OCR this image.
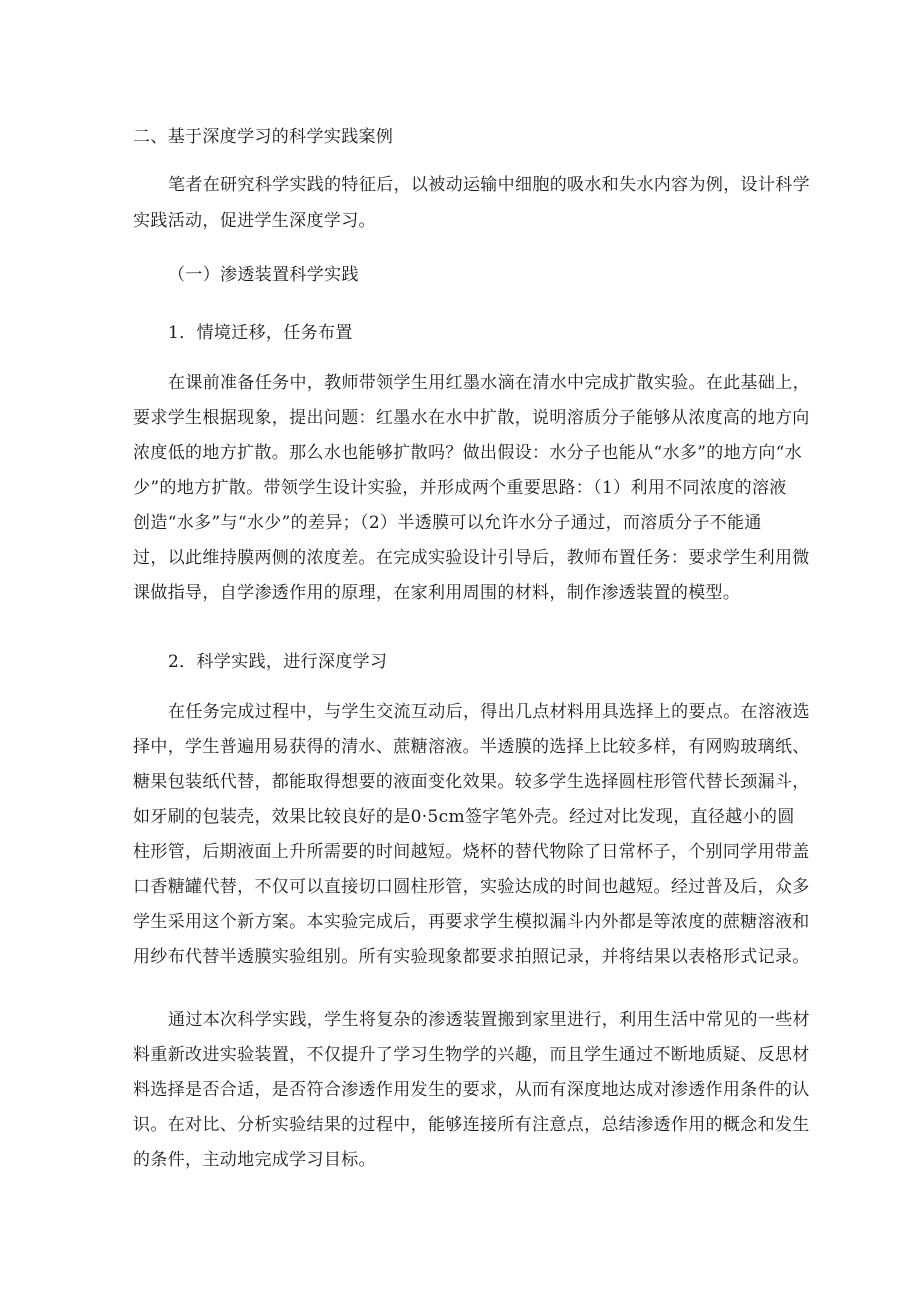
二、基于深度学习的科学实践案例
笔者在研究科学实践的特征后，以被动运输中细胞的吸水和失水内容为例，设计科学
实践活动，促进学生深度学习。
（一）渗透装置科学实践
1．情境迁移，任务布置
在课前准备任务中，教师带领学生用红墨水滴在清水中完成扩散实验。在此基础上，
要求学生根据现象，提出问题：红墨水在水中扩散，说明溶质分子能够从浓度高的地方向
浓度低的地方扩散。那么水也能够扩散吗？做出假设：水分子也能从“水多”的地方向“水
少”的地方扩散。带领学生设计实验，并形成两个重要思路：（1）利用不同浓度的溶液
创造“水多”与“水少”的差异；（2）半透膜可以允许水分子通过，而溶质分子不能通
过，以此维持膜两侧的浓度差。在完成实验设计引导后，教师布置任务：要求学生利用微
课做指导，自学渗透作用的原理，在家利用周围的材料，制作渗透装置的模型。
2．科学实践，进行深度学习
在任务完成过程中，与学生交流互动后，得出几点材料用具选择上的要点。在溶液选
择中，学生普遍用易获得的清水、蔗糖溶液。半透膜的选择上比较多样，有网购玻璃纸、
糖果包装纸代替，都能取得想要的液面变化效果。较多学生选择圆柱形管代替长颈漏斗，
如牙刷的包装壳，效果比较良好的是0·5cm签字笔外壳。经过对比发现，直径越小的圆
柱形管，后期液面上升所需要的时间越短。烧杯的替代物除了日常杯子，个别同学用带盖
口香糖罐代替，不仅可以直接切口圆柱形管，实验达成的时间也越短。经过普及后，众多
学生采用这个新方案。本实验完成后，再要求学生模拟漏斗内外都是等浓度的蔗糖溶液和
用纱布代替半透膜实验组别。所有实验现象都要求拍照记录，并将结果以表格形式记录。
通过本次科学实践，学生将复杂的渗透装置搬到家里进行，利用生活中常见的一些材
料重新改进实验装置，不仅提升了学习生物学的兴趣，而且学生通过不断地质疑、反思材
料选择是否合适，是否符合渗透作用发生的要求，从而有深度地达成对渗透作用条件的认
识。在对比、分析实验结果的过程中，能够连接所有注意点，总结渗透作用的概念和发生
的条件，主动地完成学习目标。
